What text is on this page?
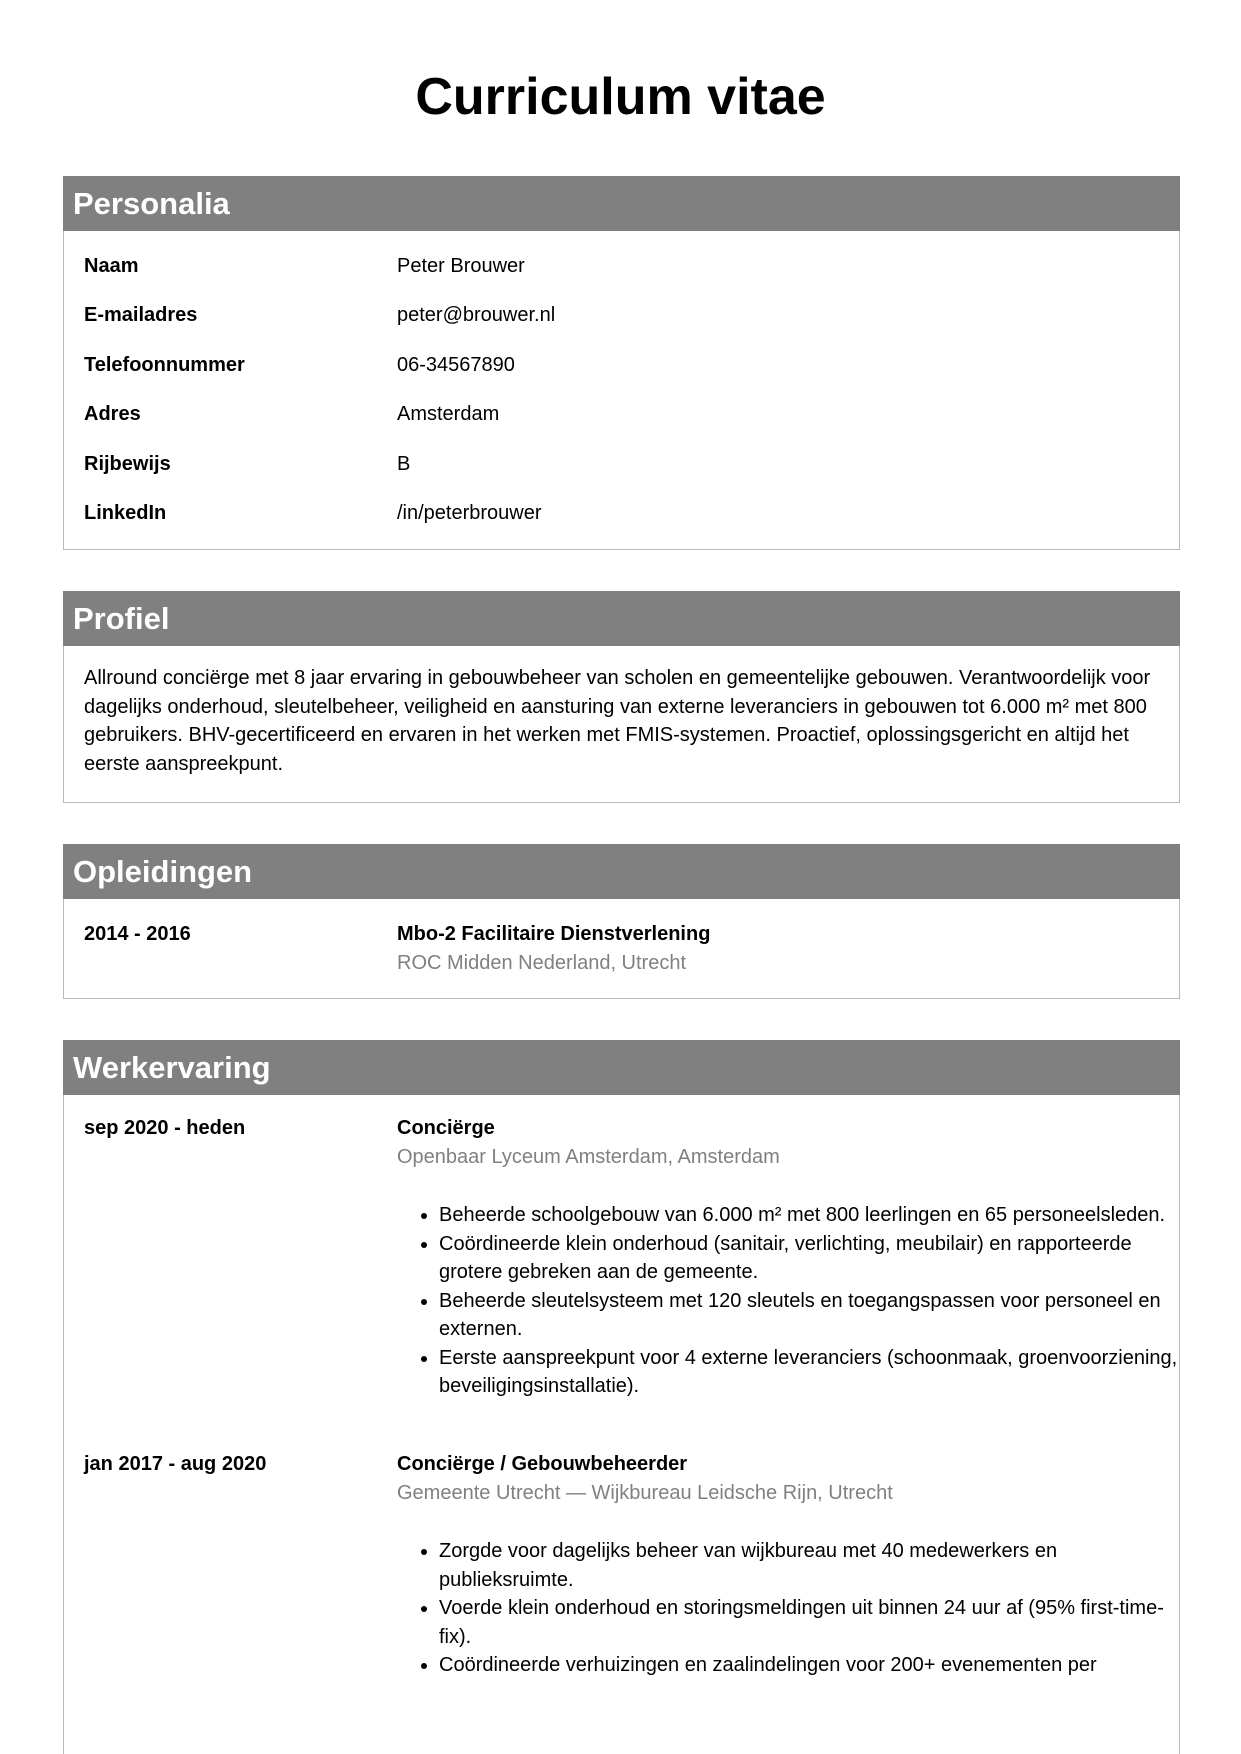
Curriculum vitae
Personalia
Naam	Peter Brouwer
E-mailadres	peter@brouwer.nl
Telefoonnummer	06-34567890
Adres	Amsterdam
Rijbewijs	B
LinkedIn	/in/peterbrouwer
Profiel

Allround conciërge met 8 jaar ervaring in gebouwbeheer van scholen en gemeentelijke gebouwen. Verantwoordelijk voor dagelijks onderhoud, sleutelbeheer, veiligheid en aansturing van externe leveranciers in gebouwen tot 6.000 m² met 800 gebruikers. BHV-gecertificeerd en ervaren in het werken met FMIS-systemen. Proactief, oplossingsgericht en altijd het eerste aanspreekpunt.

Opleidingen
2014 - 2016	Mbo-2 Facilitaire Dienstverlening
ROC Midden Nederland, Utrecht
Werkervaring
sep 2020 - heden	Conciërge
Openbaar Lyceum Amsterdam, Amsterdam
• Beheerde schoolgebouw van 6.000 m² met 800 leerlingen en 65 personeelsleden.
• Coördineerde klein onderhoud (sanitair, verlichting, meubilair) en rapporteerde grotere gebreken aan de gemeente.
• Beheerde sleutelsysteem met 120 sleutels en toegangspassen voor personeel en externen.
• Eerste aanspreekpunt voor 4 externe leveranciers (schoonmaak, groenvoorziening, beveiligingsinstallatie).
jan 2017 - aug 2020	Conciërge / Gebouwbeheerder
Gemeente Utrecht — Wijkbureau Leidsche Rijn, Utrecht
• Zorgde voor dagelijks beheer van wijkbureau met 40 medewerkers en publieksruimte.
• Voerde klein onderhoud en storingsmeldingen uit binnen 24 uur af (95% first-time-fix).
• Coördineerde verhuizingen en zaalindelingen voor 200+ evenementen per
